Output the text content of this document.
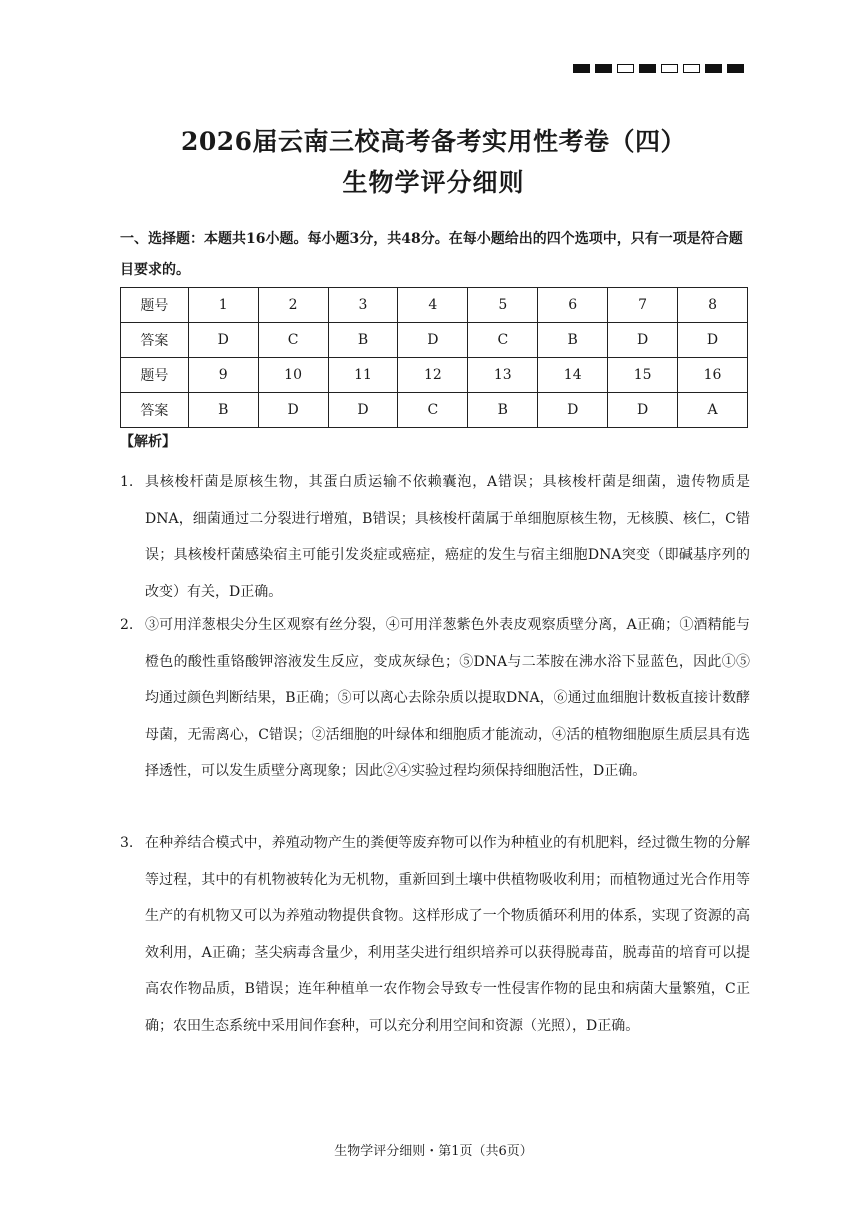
2026届云南三校高考备考实用性考卷（四）
生物学评分细则
一、选择题：本题共16小题。每小题3分，共48分。在每小题给出的四个选项中，只有一项是符合题目要求的。
题号	1	2	3	4	5	6	7	8
答案	D	C	B	D	C	B	D	D
题号	9	10	11	12	13	14	15	16
答案	B	D	D	C	B	D	D	A
【解析】
1. 具核梭杆菌是原核生物，其蛋白质运输不依赖囊泡，A错误；具核梭杆菌是细菌，遗传物质是DNA，细菌通过二分裂进行增殖，B错误；具核梭杆菌属于单细胞原核生物，无核膜、核仁，C错误；具核梭杆菌感染宿主可能引发炎症或癌症，癌症的发生与宿主细胞DNA突变（即碱基序列的改变）有关，D正确。
2. ③可用洋葱根尖分生区观察有丝分裂，④可用洋葱紫色外表皮观察质壁分离，A正确；①酒精能与橙色的酸性重铬酸钾溶液发生反应，变成灰绿色；⑤DNA与二苯胺在沸水浴下显蓝色，因此①⑤均通过颜色判断结果，B正确；⑤可以离心去除杂质以提取DNA，⑥通过血细胞计数板直接计数酵母菌，无需离心，C错误；②活细胞的叶绿体和细胞质才能流动，④活的植物细胞原生质层具有选择透性，可以发生质壁分离现象；因此②④实验过程均须保持细胞活性，D正确。
3. 在种养结合模式中，养殖动物产生的粪便等废弃物可以作为种植业的有机肥料，经过微生物的分解等过程，其中的有机物被转化为无机物，重新回到土壤中供植物吸收利用；而植物通过光合作用等生产的有机物又可以为养殖动物提供食物。这样形成了一个物质循环利用的体系，实现了资源的高效利用，A正确；茎尖病毒含量少，利用茎尖进行组织培养可以获得脱毒苗，脱毒苗的培育可以提高农作物品质，B错误；连年种植单一农作物会导致专一性侵害作物的昆虫和病菌大量繁殖，C正确；农田生态系统中采用间作套种，可以充分利用空间和资源（光照），D正确。
生物学评分细则・第1页（共6页）
